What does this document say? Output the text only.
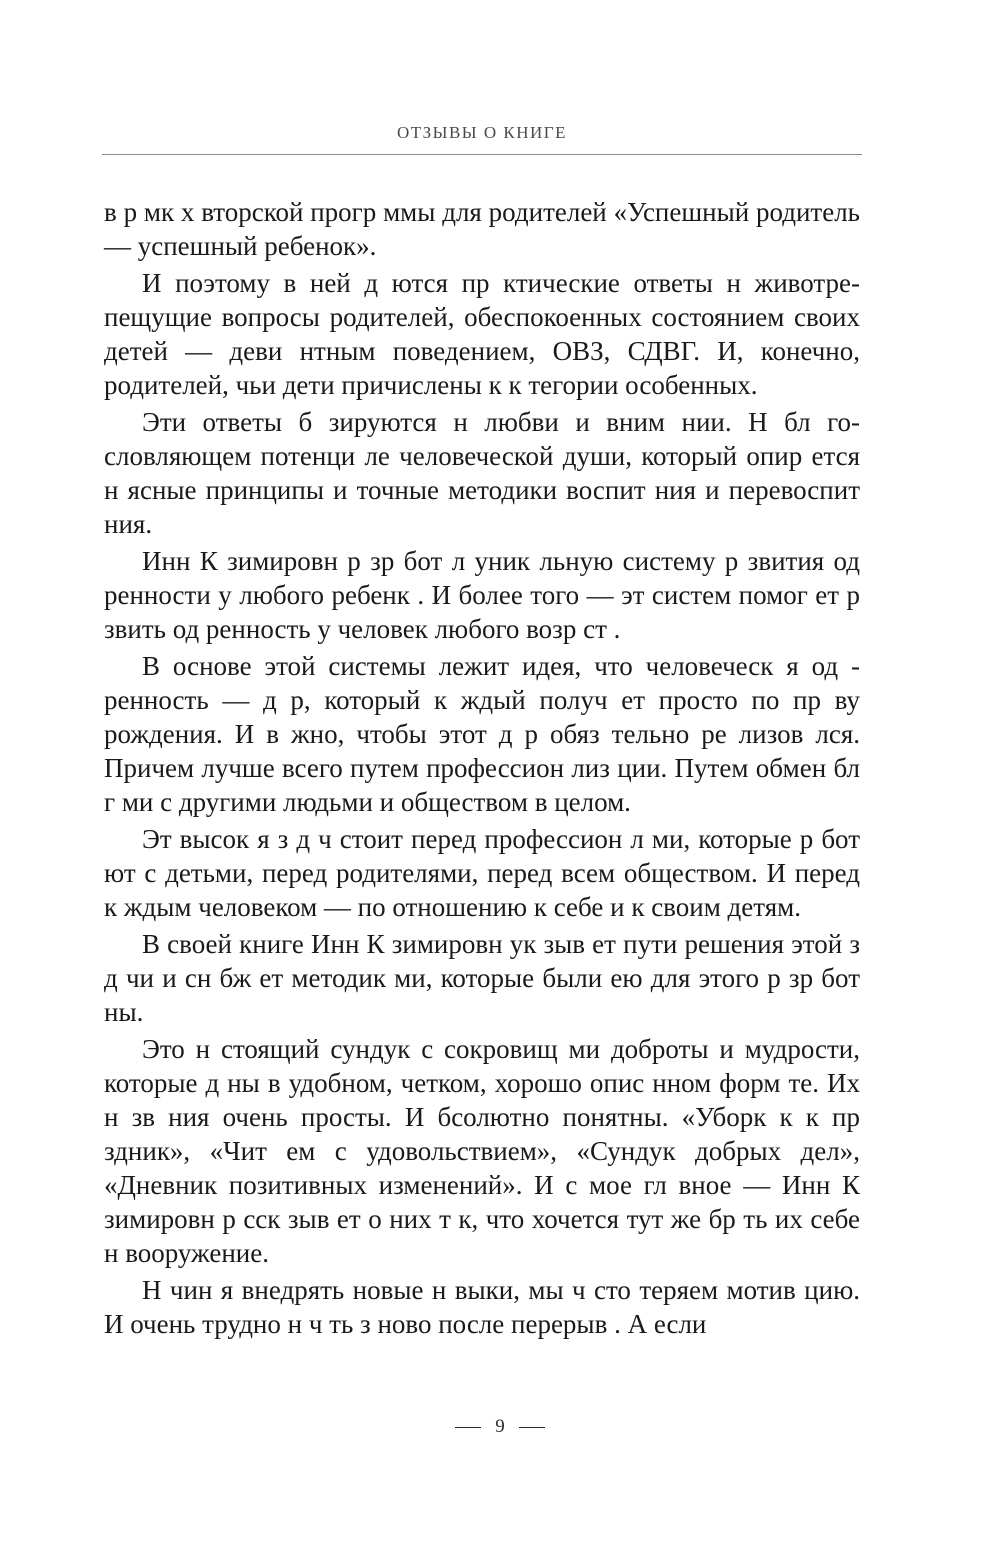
ОТЗЫВЫ О КНИГЕ

в р мк х вторской прогр ммы для родителей «Успешный родитель — успешный ребенок».

И поэтому в ней д ются пр ктические ответы н животрепещущие вопросы родителей, обеспокоенных состоянием своих детей — деви нтным поведением, ОВЗ, СДВГ. И, конечно, родителей, чьи дети причислены к к тегории особенных.

Эти ответы б зируются н любви и вним нии. Н бл гословляющем потенци ле человеческой души, который опир ется н ясные принципы и точные методики воспит ния и перевоспит ния.

Инн К зимировн р зр бот л уник льную систему р звития од ренности у любого ребенк . И более того — эт систем помог ет р звить од ренность у человек любого возр ст .

В основе этой системы лежит идея, что человеческ я од ренность — д р, который к ждый получ ет просто по пр ву рождения. И в жно, чтобы этот д р обяз тельно ре лизов лся. Причем лучше всего путем профессион лиз ции. Путем обмен бл г ми с другими людьми и обществом в целом.

Эт высок я з д ч стоит перед профессион л ми, которые р бот ют с детьми, перед родителями, перед всем обществом. И перед к ждым человеком — по отношению к себе и к своим детям.

В своей книге Инн К зимировн ук зыв ет пути решения этой з д чи и сн бж ет методик ми, которые были ею для этого р зр бот ны.

Это н стоящий сундук с сокровищ ми доброты и мудрости, которые д ны в удобном, четком, хорошо опис нном форм те. Их н зв ния очень просты. И бсолютно понятны. «Уборк к к пр здник», «Чит ем с удовольствием», «Сундук добрых дел», «Дневник позитивных изменений». И с мое гл вное — Инн К зимировн р сск зыв ет о них т к, что хочется тут же бр ть их себе н вооружение.

Н чин я внедрять новые н выки, мы ч сто теряем мотив цию. И очень трудно н ч ть з ново после перерыв . А если

9
